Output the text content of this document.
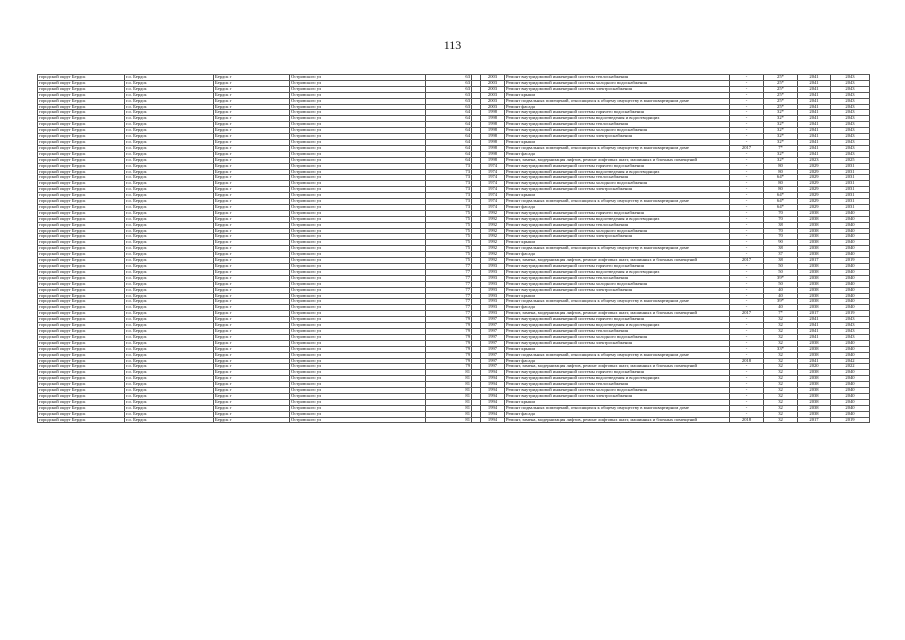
113
городской округ Бердск	г.о. Бердск	Бердск г	Островского ул	63		2003	Ремонт внутридомовой инженерной системы теплоснабжения	-	25*	2041	2043
городской округ Бердск	г.о. Бердск	Бердск г	Островского ул	63		2003	Ремонт внутридомовой инженерной системы холодного водоснабжения	-	25*	2041	2043
городской округ Бердск	г.о. Бердск	Бердск г	Островского ул	63		2003	Ремонт внутридомовой инженерной системы электроснабжения	-	25*	2041	2043
городской округ Бердск	г.о. Бердск	Бердск г	Островского ул	63		2003	Ремонт крыши	-	25*	2041	2043
городской округ Бердск	г.о. Бердск	Бердск г	Островского ул	63		2003	Ремонт подвальных помещений, относящихся к общему имуществу в многоквартирном доме	-	25*	2041	2043
городской округ Бердск	г.о. Бердск	Бердск г	Островского ул	63		2003	Ремонт фасада	-	25*	2041	2043
городской округ Бердск	г.о. Бердск	Бердск г	Островского ул	64		1998	Ремонт внутридомовой инженерной системы горячего водоснабжения	-	32*	2041	2043
городской округ Бердск	г.о. Бердск	Бердск г	Островского ул	64		1998	Ремонт внутридомовой инженерной системы водоотведения и водоотводящих	-	32*	2041	2043
городской округ Бердск	г.о. Бердск	Бердск г	Островского ул	64		1998	Ремонт внутридомовой инженерной системы теплоснабжения	-	32*	2041	2043
городской округ Бердск	г.о. Бердск	Бердск г	Островского ул	64		1998	Ремонт внутридомовой инженерной системы холодного водоснабжения	-	32*	2041	2043
городской округ Бердск	г.о. Бердск	Бердск г	Островского ул	64		1998	Ремонт внутридомовой инженерной системы электроснабжения	-	32*	2041	2043
городской округ Бердск	г.о. Бердск	Бердск г	Островского ул	64		1998	Ремонт крыши	-	32*	2041	2043
городской округ Бердск	г.о. Бердск	Бердск г	Островского ул	64		1998	Ремонт подвальных помещений, относящихся к общему имуществу в многоквартирном доме	2017	7*	2041	2043
городской округ Бердск	г.о. Бердск	Бердск г	Островского ул	64		1998	Ремонт фасада	-	32*	2041	2043
городской округ Бердск	г.о. Бердск	Бердск г	Островского ул	64		1998	Ремонт, замена, модернизация лифтов, ремонт лифтовых шахт, машинных и блочных помещений	-	32*	2023	2025
городской округ Бердск	г.о. Бердск	Бердск г	Островского ул	73		1974	Ремонт внутридомовой инженерной системы горячего водоснабжения	-	80	2029	2031
городской округ Бердск	г.о. Бердск	Бердск г	Островского ул	73		1974	Ремонт внутридомовой инженерной системы водоотведения и водоотводящих	-	80	2029	2031
городской округ Бердск	г.о. Бердск	Бердск г	Островского ул	73		1974	Ремонт внутридомовой инженерной системы теплоснабжения	-	64*	2029	2031
городской округ Бердск	г.о. Бердск	Бердск г	Островского ул	73		1974	Ремонт внутридомовой инженерной системы холодного водоснабжения	-	80	2029	2031
городской округ Бердск	г.о. Бердск	Бердск г	Островского ул	73		1974	Ремонт внутридомовой инженерной системы электроснабжения	-	80	2029	2031
городской округ Бердск	г.о. Бердск	Бердск г	Островского ул	73		1974	Ремонт крыши	-	64*	2029	2031
городской округ Бердск	г.о. Бердск	Бердск г	Островского ул	73		1974	Ремонт подвальных помещений, относящихся к общему имуществу в многоквартирном доме	-	64*	2029	2031
городской округ Бердск	г.о. Бердск	Бердск г	Островского ул	73		1974	Ремонт фасада	-	64*	2029	2031
городской округ Бердск	г.о. Бердск	Бердск г	Островского ул	75		1992	Ремонт внутридомовой инженерной системы горячего водоснабжения	-	70	2038	2040
городской округ Бердск	г.о. Бердск	Бердск г	Островского ул	75		1992	Ремонт внутридомовой инженерной системы водоотведения и водоотводящих	-	70	2038	2040
городской округ Бердск	г.о. Бердск	Бердск г	Островского ул	75		1992	Ремонт внутридомовой инженерной системы теплоснабжения	-	38	2038	2040
городской округ Бердск	г.о. Бердск	Бердск г	Островского ул	75		1992	Ремонт внутридомовой инженерной системы холодного водоснабжения	-	70	2038	2040
городской округ Бердск	г.о. Бердск	Бердск г	Островского ул	75		1992	Ремонт внутридомовой инженерной системы электроснабжения	-	70	2038	2040
городской округ Бердск	г.о. Бердск	Бердск г	Островского ул	75		1992	Ремонт крыши	-	90	2038	2040
городской округ Бердск	г.о. Бердск	Бердск г	Островского ул	75		1992	Ремонт подвальных помещений, относящихся к общему имуществу в многоквартирном доме	-	38	2038	2040
городской округ Бердск	г.о. Бердск	Бердск г	Островского ул	75		1992	Ремонт фасада	-	37	2038	2040
городской округ Бердск	г.о. Бердск	Бердск г	Островского ул	75		1992	Ремонт, замена, модернизация лифтов, ремонт лифтовых шахт, машинных и блочных помещений	2017	38	2017	2019
городской округ Бердск	г.о. Бердск	Бердск г	Островского ул	77		1993	Ремонт внутридомовой инженерной системы горячего водоснабжения	-	50	2038	2040
городской округ Бердск	г.о. Бердск	Бердск г	Островского ул	77		1993	Ремонт внутридомовой инженерной системы водоотведения и водоотводящих	-	50	2038	2040
городской округ Бердск	г.о. Бердск	Бердск г	Островского ул	77		1993	Ремонт внутридомовой инженерной системы теплоснабжения	-	39*	2038	2040
городской округ Бердск	г.о. Бердск	Бердск г	Островского ул	77		1993	Ремонт внутридомовой инженерной системы холодного водоснабжения	-	50	2038	2040
городской округ Бердск	г.о. Бердск	Бердск г	Островского ул	77		1993	Ремонт внутридомовой инженерной системы электроснабжения	-	40	2038	2040
городской округ Бердск	г.о. Бердск	Бердск г	Островского ул	77		1993	Ремонт крыши	-	40	2038	2040
городской округ Бердск	г.о. Бердск	Бердск г	Островского ул	77		1993	Ремонт подвальных помещений, относящихся к общему имуществу в многоквартирном доме	-	39*	2038	2040
городской округ Бердск	г.о. Бердск	Бердск г	Островского ул	77		1993	Ремонт фасада	-	40	2038	2040
городской округ Бердск	г.о. Бердск	Бердск г	Островского ул	77		1993	Ремонт, замена, модернизация лифтов, ремонт лифтовых шахт, машинных и блочных помещений	2017	7*	2017	2019
городской округ Бердск	г.о. Бердск	Бердск г	Островского ул	79		1997	Ремонт внутридомовой инженерной системы горячего водоснабжения	-	32	2041	2043
городской округ Бердск	г.о. Бердск	Бердск г	Островского ул	79		1997	Ремонт внутридомовой инженерной системы водоотведения и водоотводящих	-	32	2041	2043
городской округ Бердск	г.о. Бердск	Бердск г	Островского ул	79		1997	Ремонт внутридомовой инженерной системы теплоснабжения	-	32	2041	2043
городской округ Бердск	г.о. Бердск	Бердск г	Островского ул	79		1997	Ремонт внутридомовой инженерной системы холодного водоснабжения	-	32	2041	2043
городской округ Бердск	г.о. Бердск	Бердск г	Островского ул	79		1997	Ремонт внутридомовой инженерной системы электроснабжения	-	32	2038	2040
городской округ Бердск	г.о. Бердск	Бердск г	Островского ул	79		1997	Ремонт крыши	-	33*	2038	2040
городской округ Бердск	г.о. Бердск	Бердск г	Островского ул	79		1997	Ремонт подвальных помещений, относящихся к общему имуществу в многоквартирном доме	-	32	2038	2040
городской округ Бердск	г.о. Бердск	Бердск г	Островского ул	79		1997	Ремонт фасада	2018	32	2041	2042
городской округ Бердск	г.о. Бердск	Бердск г	Островского ул	79		1997	Ремонт, замена, модернизация лифтов, ремонт лифтовых шахт, машинных и блочных помещений	-	32	2020	2022
городской округ Бердск	г.о. Бердск	Бердск г	Островского ул	81		1994	Ремонт внутридомовой инженерной системы горячего водоснабжения	-	32	2038	2040
городской округ Бердск	г.о. Бердск	Бердск г	Островского ул	81		1994	Ремонт внутридомовой инженерной системы водоотведения и водоотводящих	-	32	2038	2040
городской округ Бердск	г.о. Бердск	Бердск г	Островского ул	81		1994	Ремонт внутридомовой инженерной системы теплоснабжения	-	32	2038	2040
городской округ Бердск	г.о. Бердск	Бердск г	Островского ул	81		1994	Ремонт внутридомовой инженерной системы холодного водоснабжения	-	32	2038	2040
городской округ Бердск	г.о. Бердск	Бердск г	Островского ул	81		1994	Ремонт внутридомовой инженерной системы электроснабжения	-	32	2038	2040
городской округ Бердск	г.о. Бердск	Бердск г	Островского ул	81		1994	Ремонт крыши	-	32	2038	2040
городской округ Бердск	г.о. Бердск	Бердск г	Островского ул	81		1994	Ремонт подвальных помещений, относящихся к общему имуществу в многоквартирном доме	-	32	2038	2040
городской округ Бердск	г.о. Бердск	Бердск г	Островского ул	81		1994	Ремонт фасада	-	32	2038	2040
городской округ Бердск	г.о. Бердск	Бердск г	Островского ул	81		1994	Ремонт, замена, модернизация лифтов, ремонт лифтовых шахт, машинных и блочных помещений	2018	32	2017	2019
